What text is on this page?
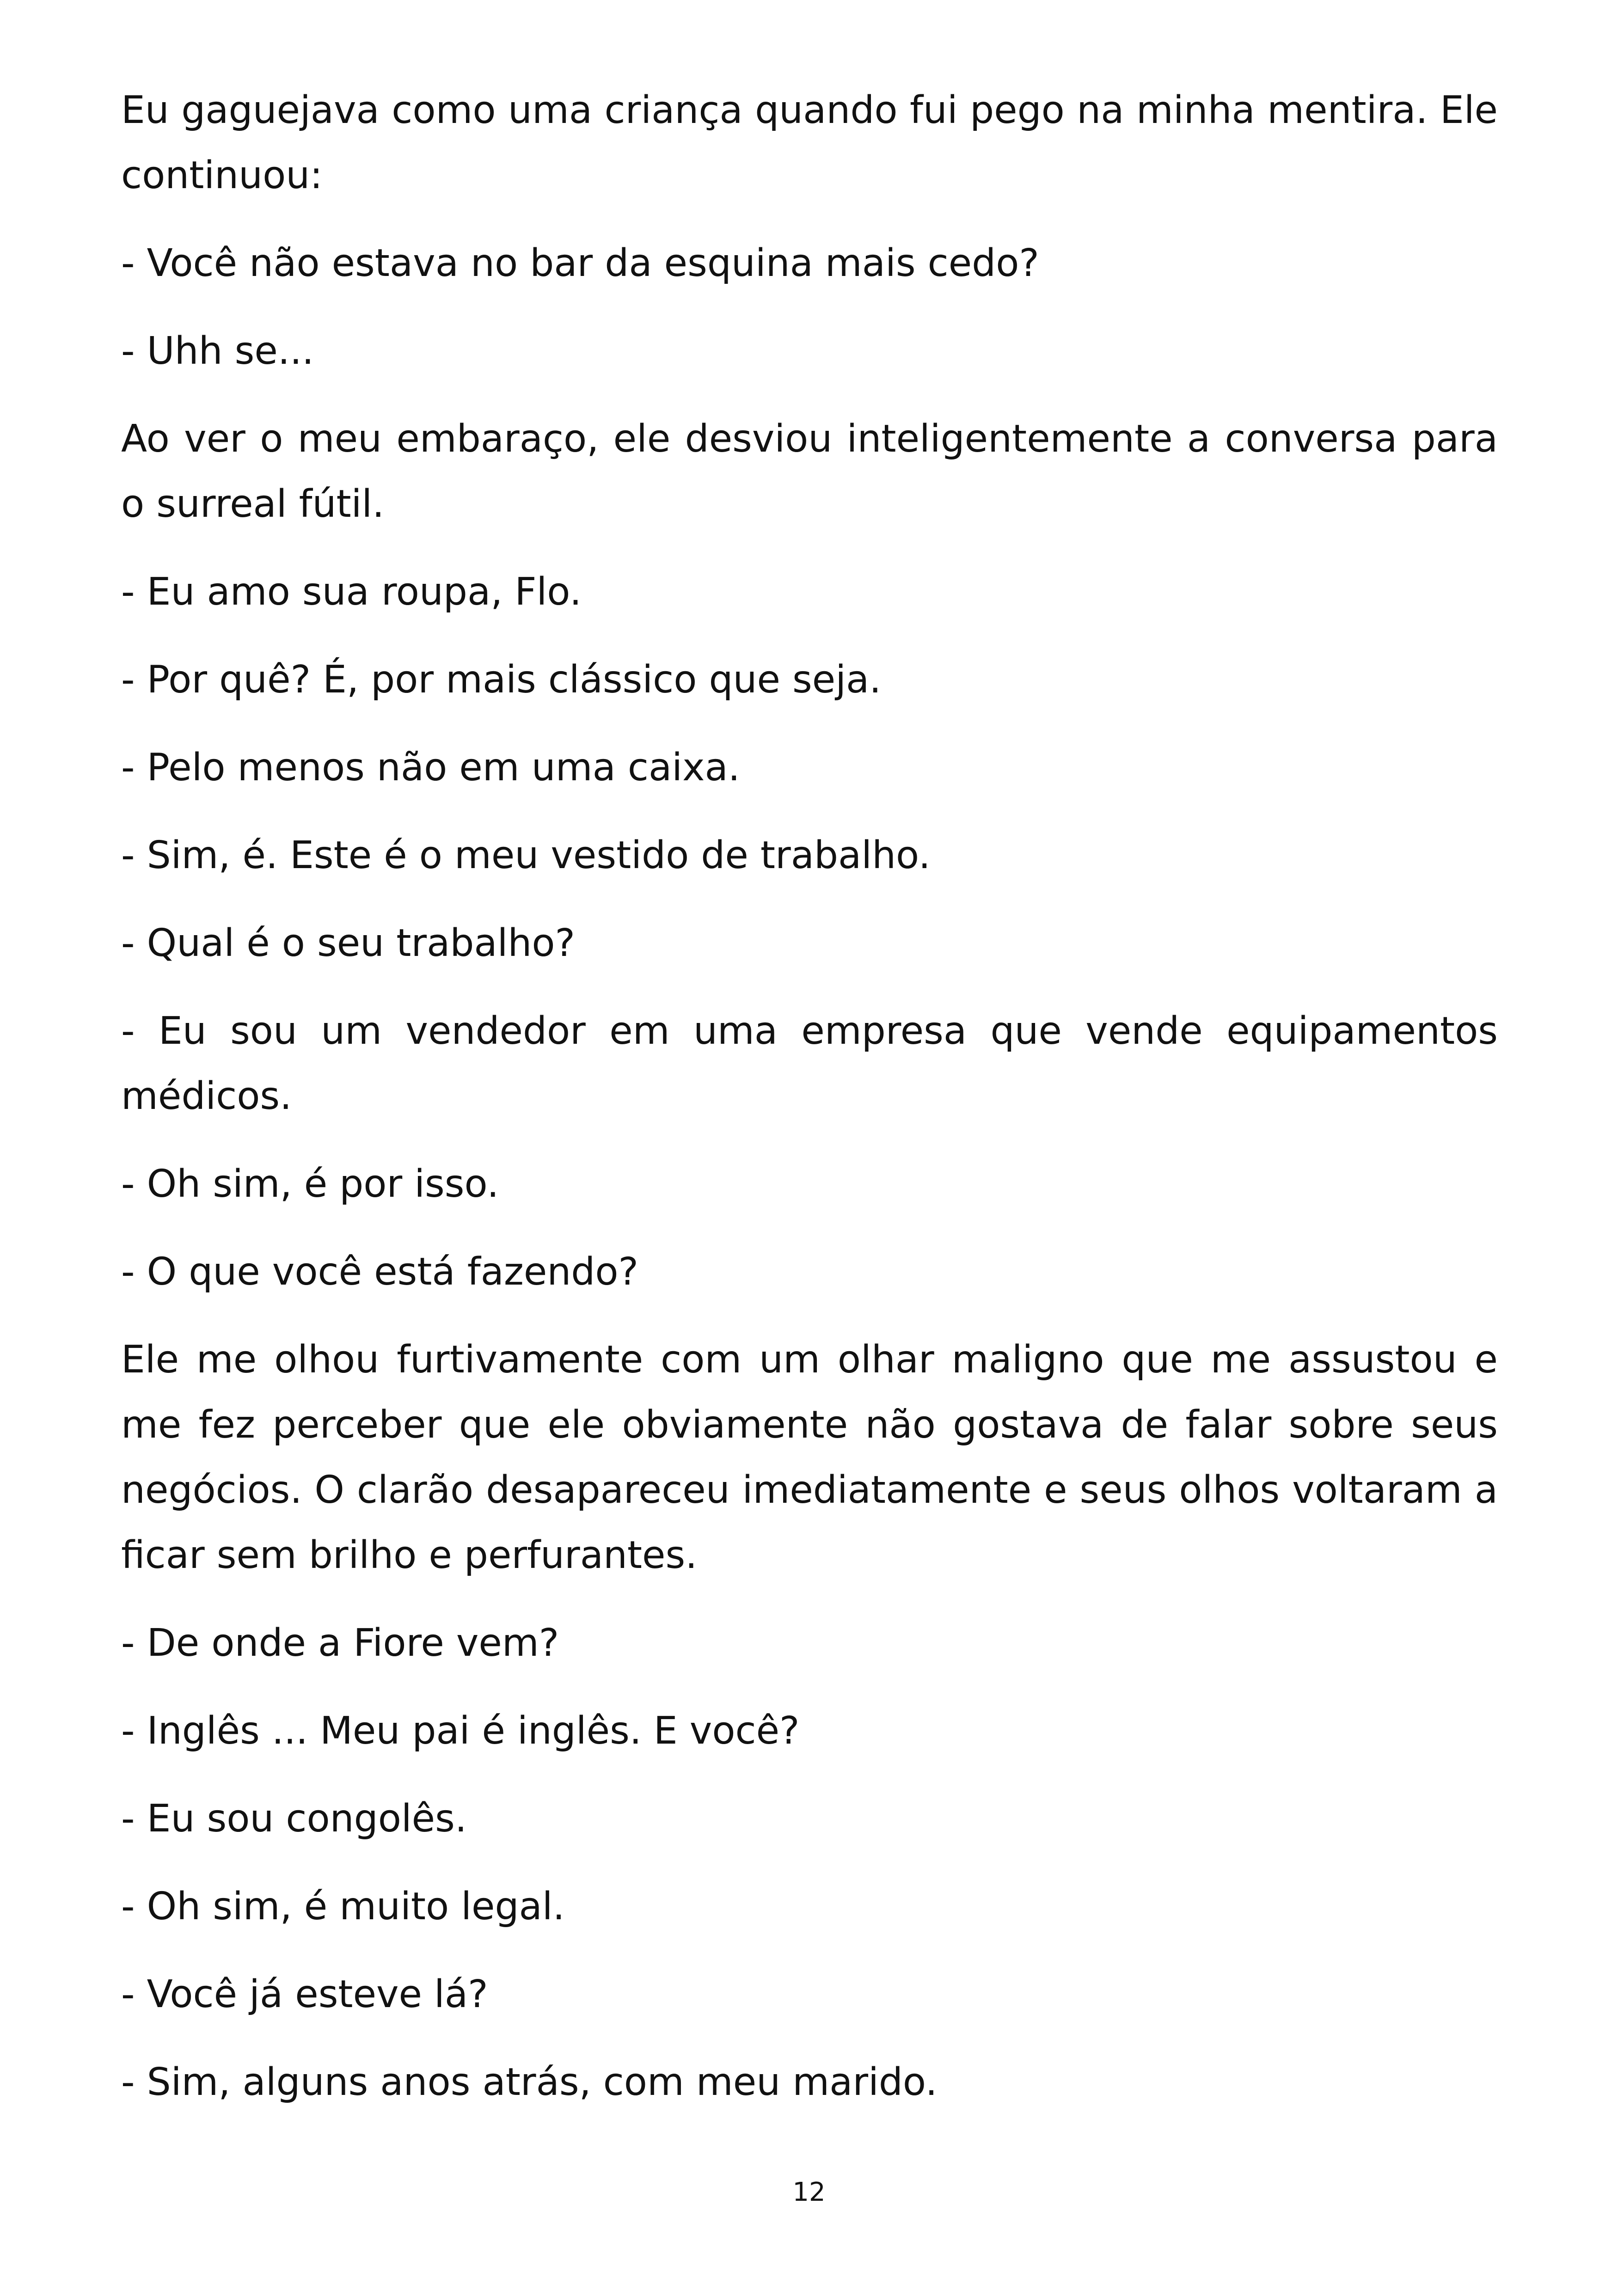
Eu gaguejava como uma criança quando fui pego na minha mentira. Ele continuou:

- Você não estava no bar da esquina mais cedo?

- Uhh se...

Ao ver o meu embaraço, ele desviou inteligentemente a conversa para o surreal fútil.

- Eu amo sua roupa, Flo.

- Por quê? É, por mais clássico que seja.

- Pelo menos não em uma caixa.

- Sim, é. Este é o meu vestido de trabalho.

- Qual é o seu trabalho?

- Eu sou um vendedor em uma empresa que vende equipamentos médicos.

- Oh sim, é por isso.

- O que você está fazendo?

Ele me olhou furtivamente com um olhar maligno que me assustou e me fez perceber que ele obviamente não gostava de falar sobre seus negócios. O clarão desapareceu imediatamente e seus olhos voltaram a ficar sem brilho e perfurantes.

- De onde a Fiore vem?

- Inglês ... Meu pai é inglês. E você?

- Eu sou congolês.

- Oh sim, é muito legal.

- Você já esteve lá?

- Sim, alguns anos atrás, com meu marido.

12
